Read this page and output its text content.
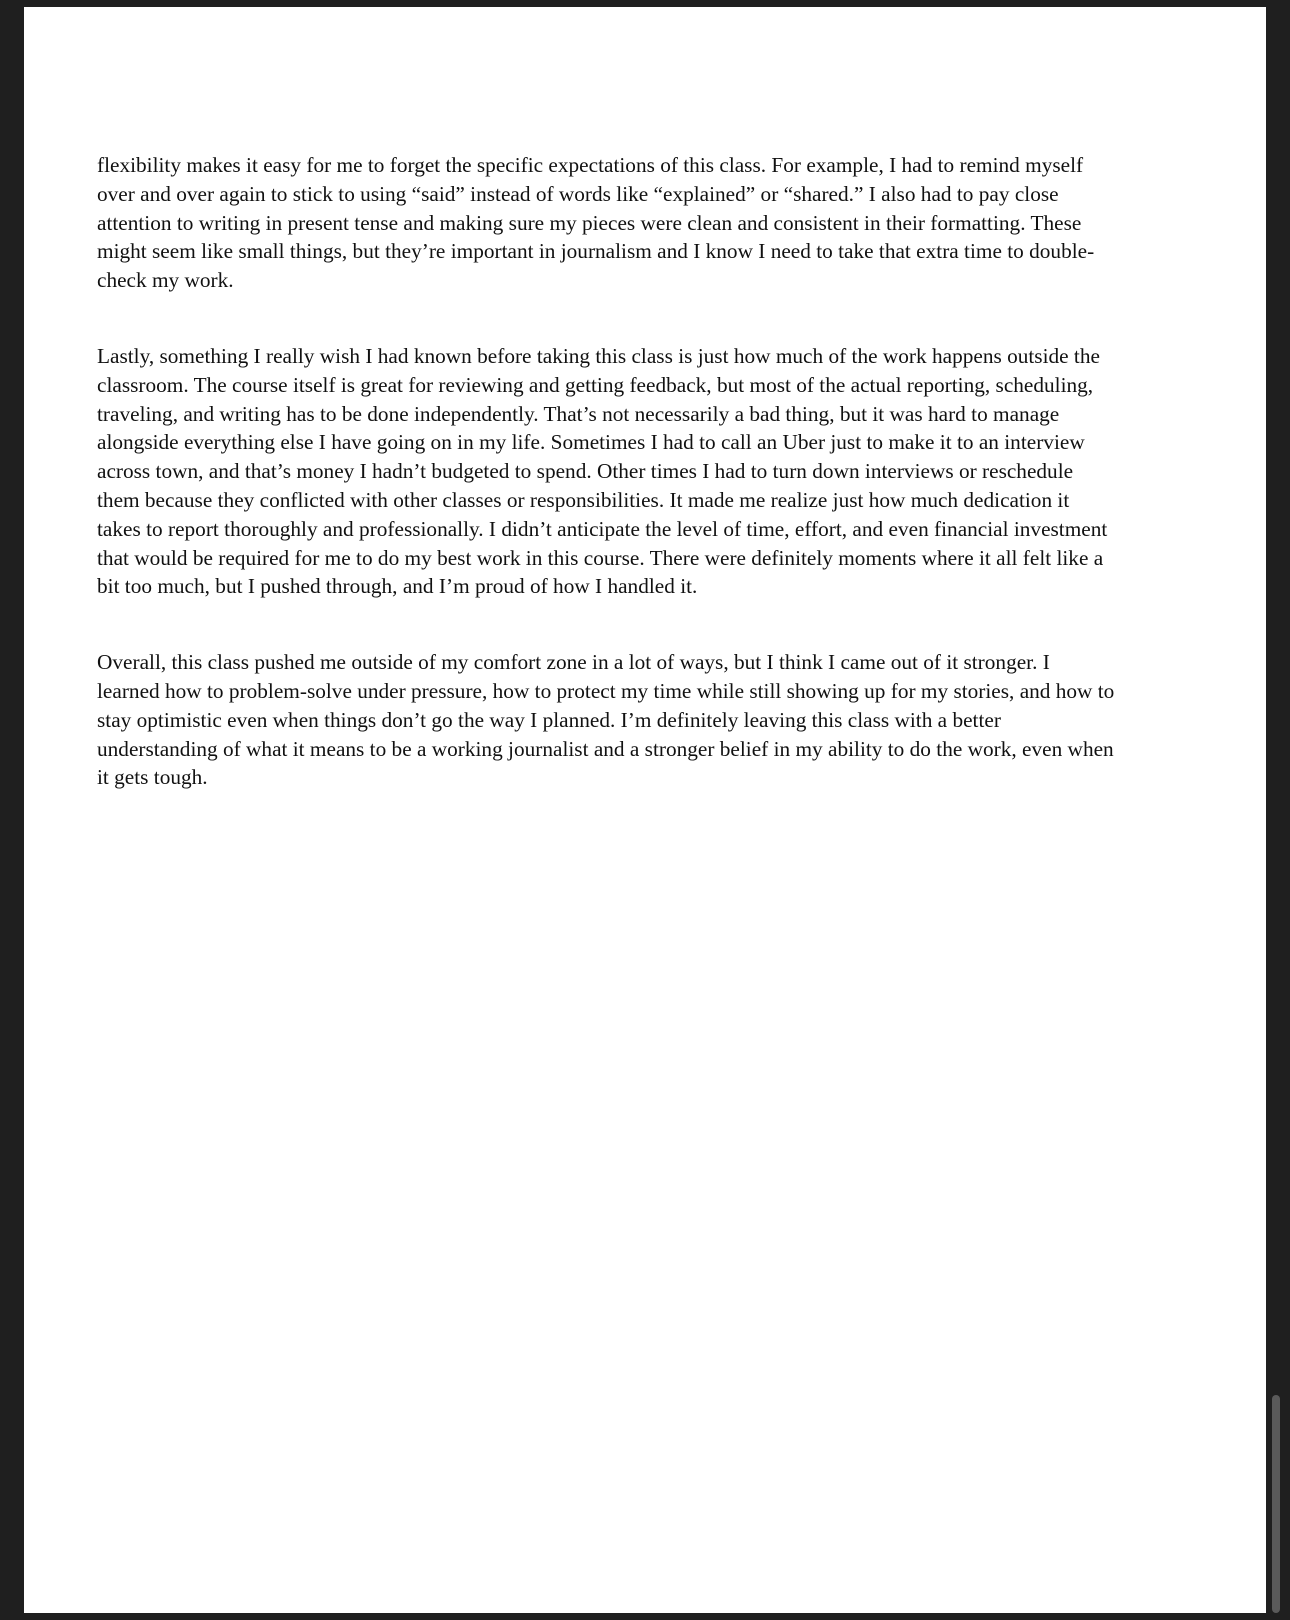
flexibility makes it easy for me to forget the specific expectations of this class. For example, I had to remind myself over and over again to stick to using “said” instead of words like “explained” or “shared.” I also had to pay close attention to writing in present tense and making sure my pieces were clean and consistent in their formatting. These might seem like small things, but they’re important in journalism and I know I need to take that extra time to double-check my work.

Lastly, something I really wish I had known before taking this class is just how much of the work happens outside the classroom. The course itself is great for reviewing and getting feedback, but most of the actual reporting, scheduling, traveling, and writing has to be done independently. That’s not necessarily a bad thing, but it was hard to manage alongside everything else I have going on in my life. Sometimes I had to call an Uber just to make it to an interview across town, and that’s money I hadn’t budgeted to spend. Other times I had to turn down interviews or reschedule them because they conflicted with other classes or responsibilities. It made me realize just how much dedication it takes to report thoroughly and professionally. I didn’t anticipate the level of time, effort, and even financial investment that would be required for me to do my best work in this course. There were definitely moments where it all felt like a bit too much, but I pushed through, and I’m proud of how I handled it.

Overall, this class pushed me outside of my comfort zone in a lot of ways, but I think I came out of it stronger. I learned how to problem-solve under pressure, how to protect my time while still showing up for my stories, and how to stay optimistic even when things don’t go the way I planned. I’m definitely leaving this class with a better understanding of what it means to be a working journalist and a stronger belief in my ability to do the work, even when it gets tough.
